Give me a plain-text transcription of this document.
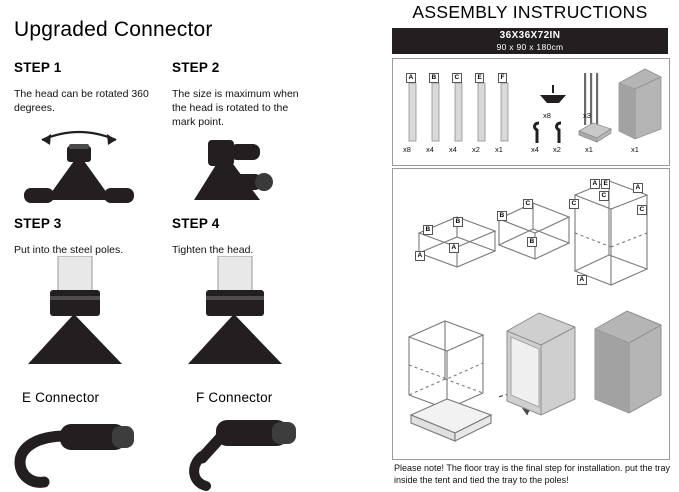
Upgraded Connector
STEP 1
The head can be rotated 360 degrees.
STEP 2
The size is maximum when the head is rotated to the mark point.
STEP 3
Put into the steel poles.
STEP 4
Tighten the head.
E Connector	F Connector
ASSEMBLY INSTRUCTIONS
36X36X72IN
90 x 90 x 180cm
A	B	C	E	F
x8 x4 x4 x2 x1
x8
x4 x2
x3
x1	x1
A E
A
C
C
C
C
B
B
B
B
A
A
A
Please note! The floor tray is the final step for installation. put the tray inside the tent and tied the tray to the poles!
